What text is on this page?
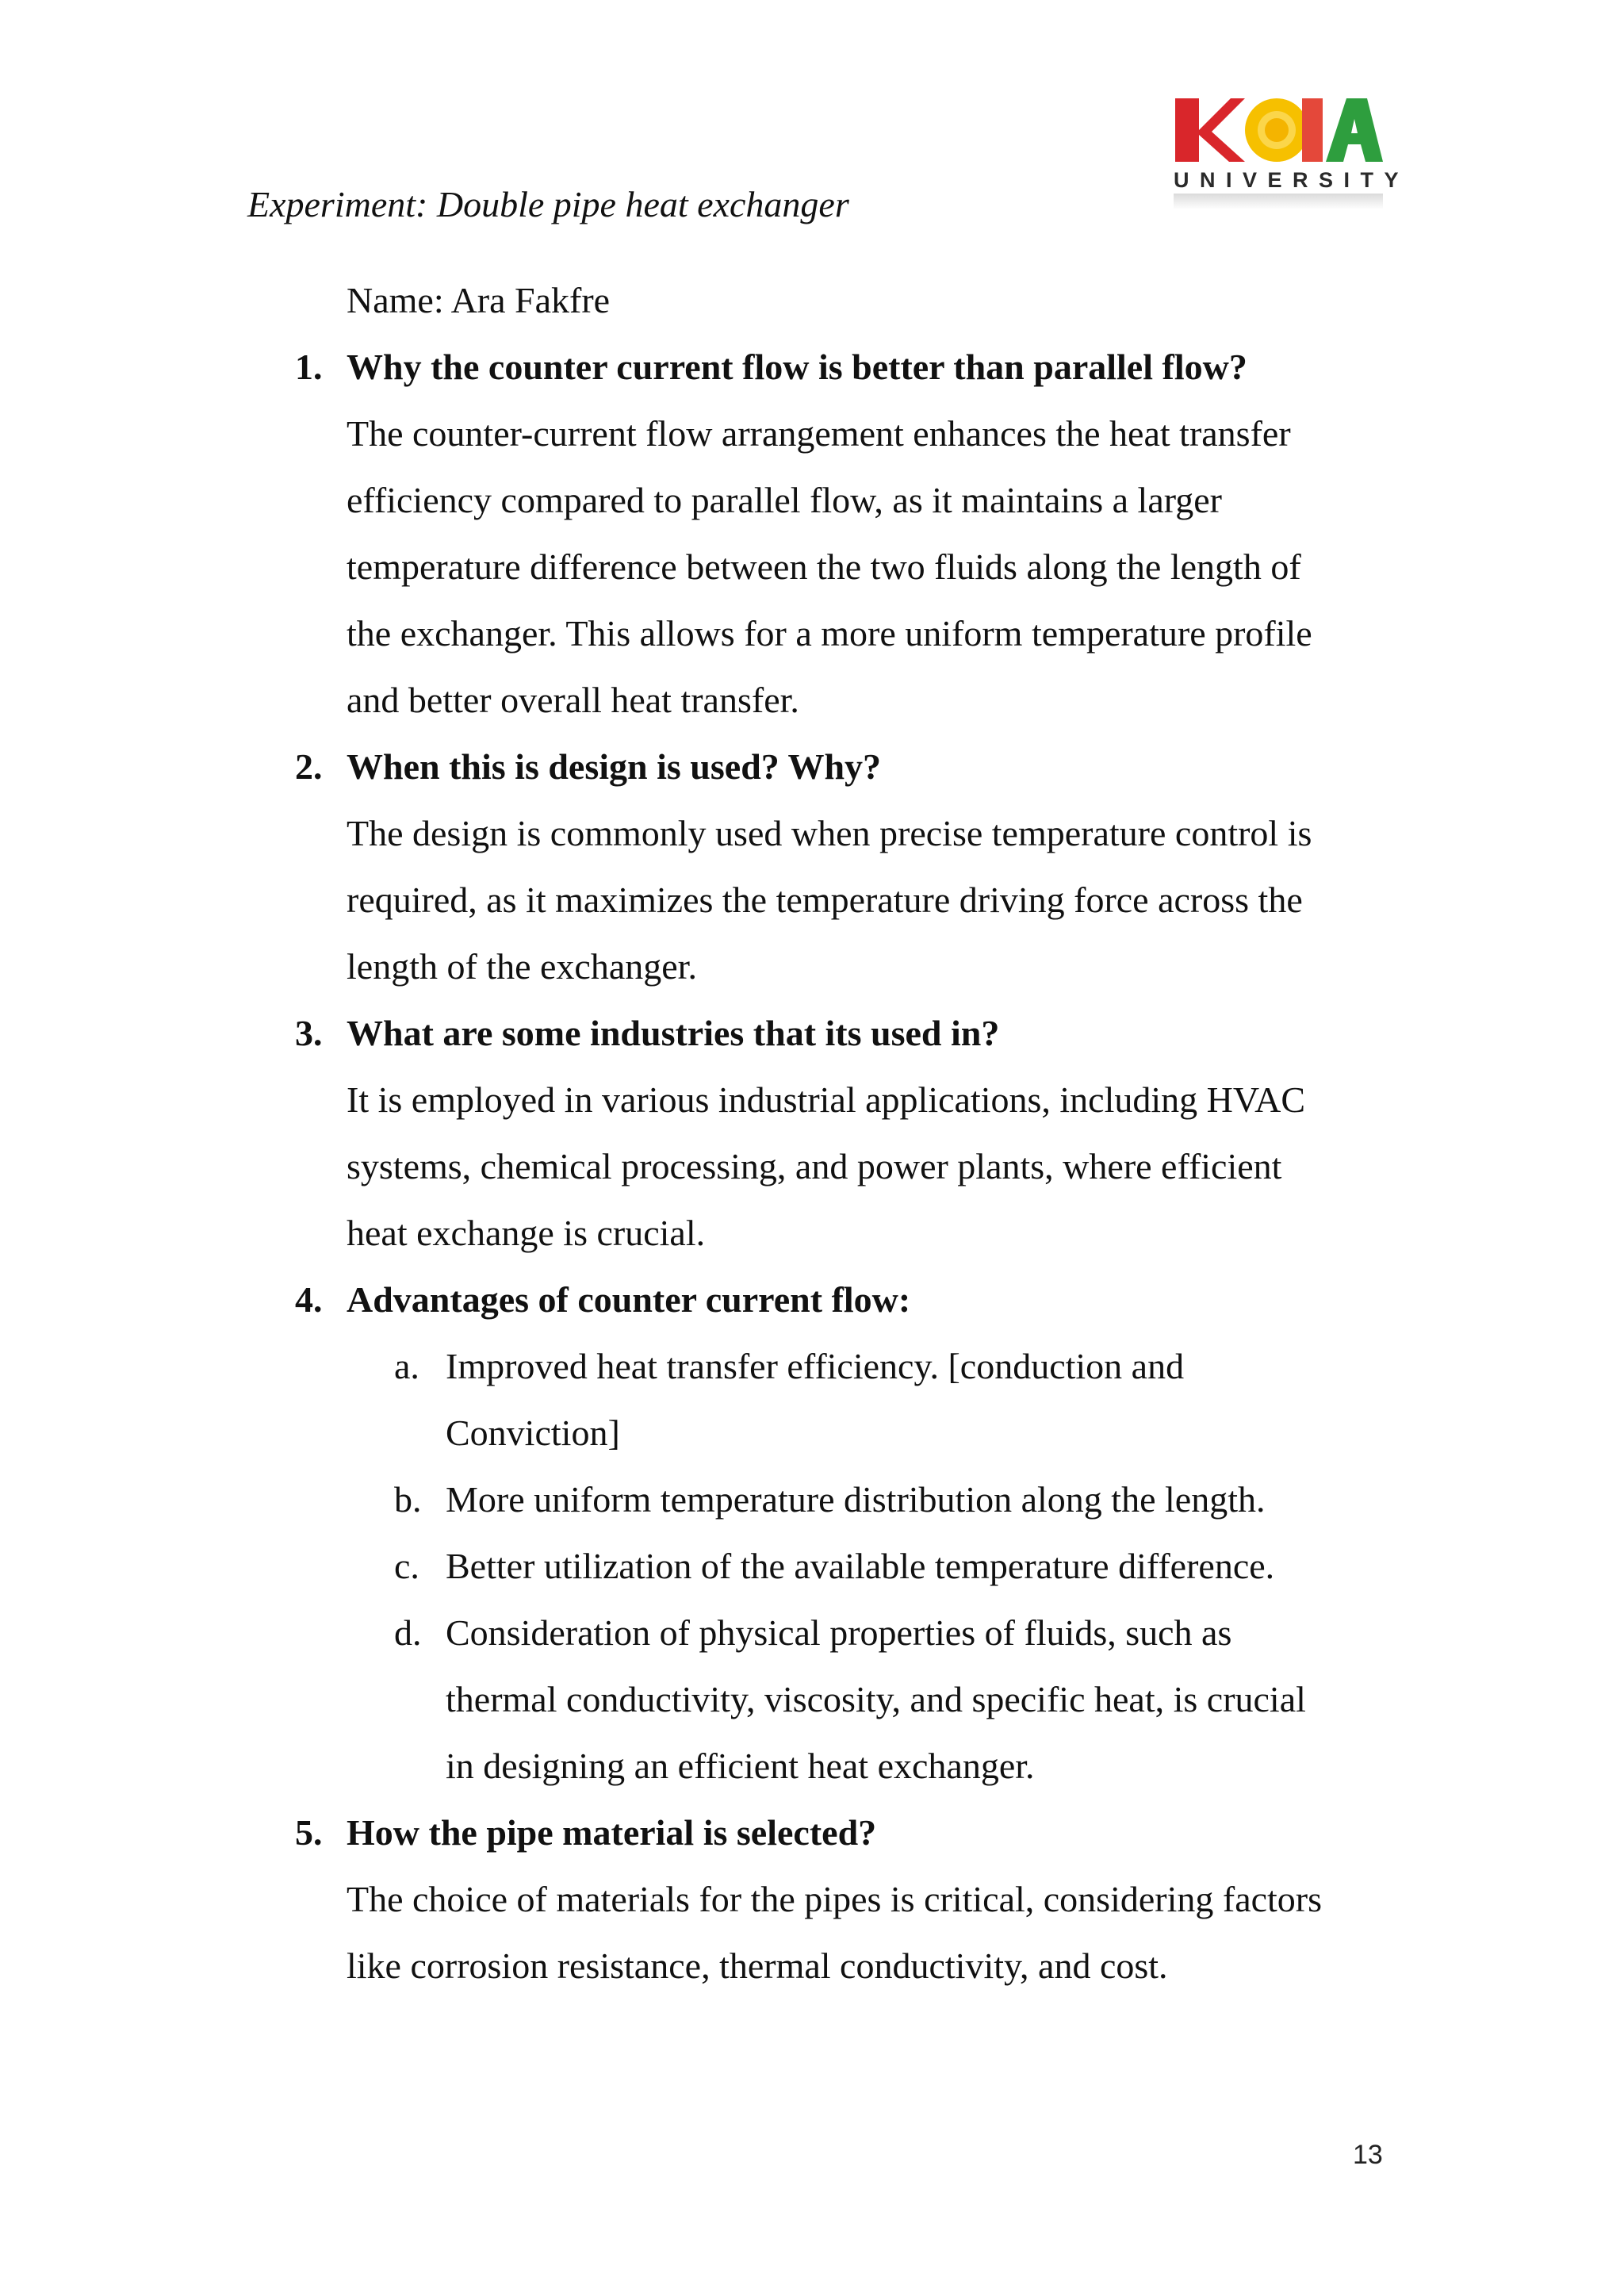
UNIVERSITY
Experiment: Double pipe heat exchanger
Name: Ara Fakfre
1. Why the counter current flow is better than parallel flow?
The counter-current flow arrangement enhances the heat transfer
efficiency compared to parallel flow, as it maintains a larger
temperature difference between the two fluids along the length of
the exchanger. This allows for a more uniform temperature profile
and better overall heat transfer.
2. When this is design is used? Why?
The design is commonly used when precise temperature control is
required, as it maximizes the temperature driving force across the
length of the exchanger.
3. What are some industries that its used in?
It is employed in various industrial applications, including HVAC
systems, chemical processing, and power plants, where efficient
heat exchange is crucial.
4. Advantages of counter current flow:
a. Improved heat transfer efficiency. [conduction and
Conviction]
b. More uniform temperature distribution along the length.
c. Better utilization of the available temperature difference.
d. Consideration of physical properties of fluids, such as
thermal conductivity, viscosity, and specific heat, is crucial
in designing an efficient heat exchanger.
5. How the pipe material is selected?
The choice of materials for the pipes is critical, considering factors
like corrosion resistance, thermal conductivity, and cost.
13
